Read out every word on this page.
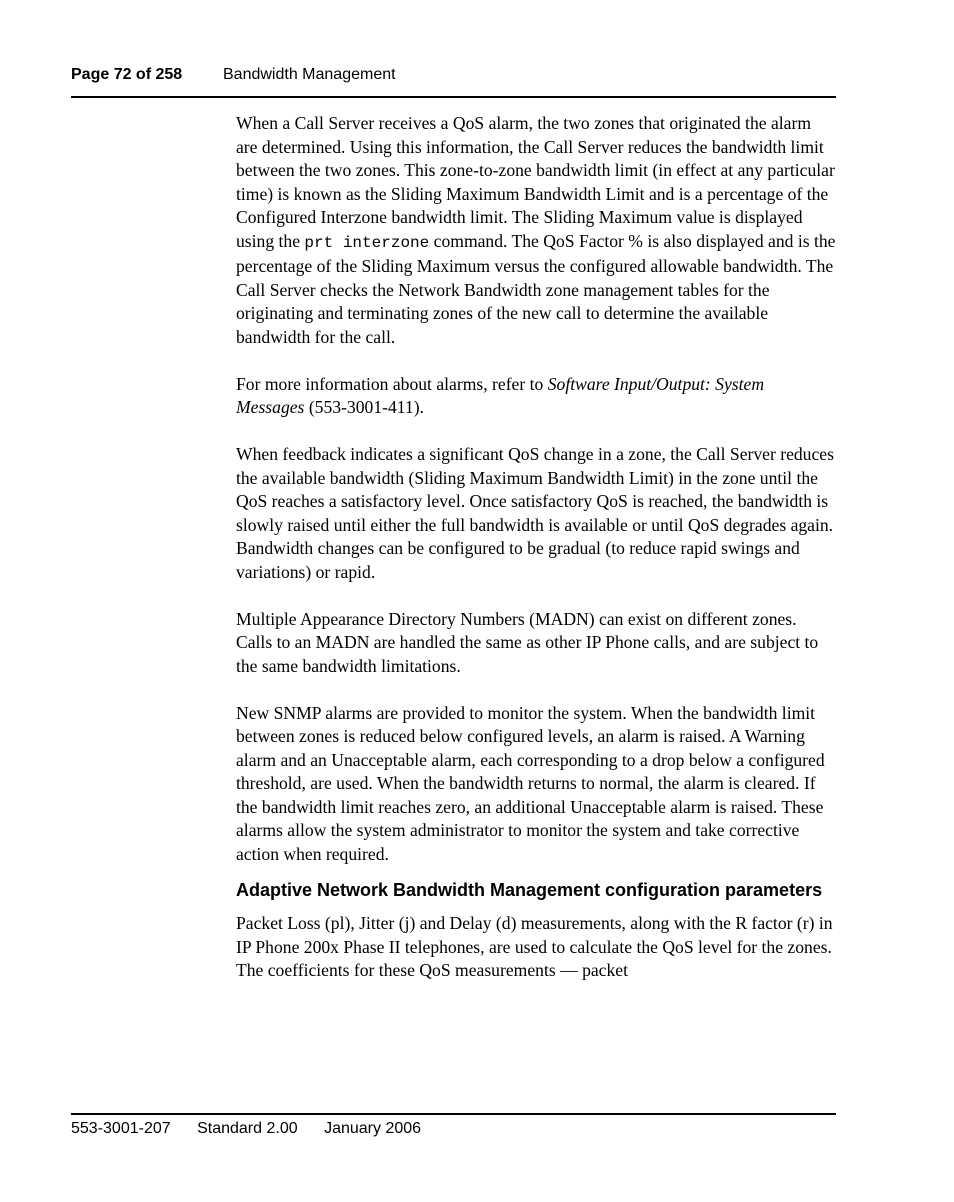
Page 72 of 258	Bandwidth Management

When a Call Server receives a QoS alarm, the two zones that originated the alarm are determined. Using this information, the Call Server reduces the bandwidth limit between the two zones. This zone-to-zone bandwidth limit (in effect at any particular time) is known as the Sliding Maximum Bandwidth Limit and is a percentage of the Configured Interzone bandwidth limit. The Sliding Maximum value is displayed using the prt interzone command. The QoS Factor % is also displayed and is the percentage of the Sliding Maximum versus the configured allowable bandwidth. The Call Server checks the Network Bandwidth zone management tables for the originating and terminating zones of the new call to determine the available bandwidth for the call.

For more information about alarms, refer to Software Input/Output: System Messages (553-3001-411).

When feedback indicates a significant QoS change in a zone, the Call Server reduces the available bandwidth (Sliding Maximum Bandwidth Limit) in the zone until the QoS reaches a satisfactory level. Once satisfactory QoS is reached, the bandwidth is slowly raised until either the full bandwidth is available or until QoS degrades again. Bandwidth changes can be configured to be gradual (to reduce rapid swings and variations) or rapid.

Multiple Appearance Directory Numbers (MADN) can exist on different zones. Calls to an MADN are handled the same as other IP Phone calls, and are subject to the same bandwidth limitations.

New SNMP alarms are provided to monitor the system. When the bandwidth limit between zones is reduced below configured levels, an alarm is raised. A Warning alarm and an Unacceptable alarm, each corresponding to a drop below a configured threshold, are used. When the bandwidth returns to normal, the alarm is cleared. If the bandwidth limit reaches zero, an additional Unacceptable alarm is raised. These alarms allow the system administrator to monitor the system and take corrective action when required.

Adaptive Network Bandwidth Management configuration parameters

Packet Loss (pl), Jitter (j) and Delay (d) measurements, along with the R factor (r) in IP Phone 200x Phase II telephones, are used to calculate the QoS level for the zones. The coefficients for these QoS measurements — packet

553-3001-207 Standard 2.00 January 2006
